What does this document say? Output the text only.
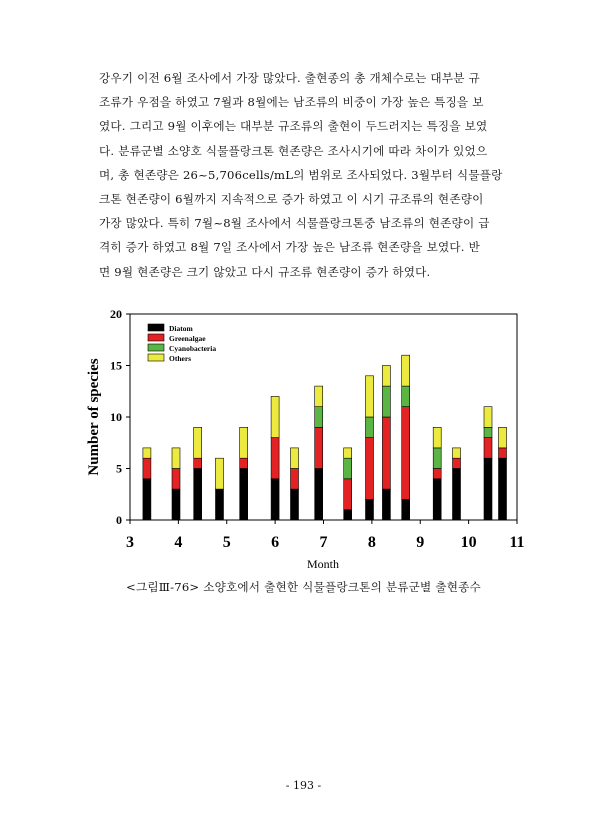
강우기 이전 6월 조사에서 가장 많았다. 출현종의 총 개체수로는 대부분 규
조류가 우점을 하였고 7월과 8월에는 남조류의 비중이 가장 높은 특징을 보
였다. 그리고 9월 이후에는 대부분 규조류의 출현이 두드러지는 특징을 보였
다. 분류군별 소양호 식물플랑크톤 현존량은 조사시기에 따라 차이가 있었으
며, 총 현존량은 26~5,706cells/mL의 범위로 조사되었다. 3월부터 식물플랑
크톤 현존량이 6월까지 지속적으로 증가 하였고 이 시기 규조류의 현존량이
가장 많았다. 특히 7월~8월 조사에서 식물플랑크톤중 남조류의 현존량이 급
격히 증가 하였고 8월 7일 조사에서 가장 높은 남조류 현존량을 보였다. 반
면 9월 현존량은 크기 않았고 다시 규조류 현존량이 증가 하였다.
0
5
10
15
20
3	4	5	6	7	8	9 10 11
Diatom
Greenalgae
Cyanobacteria
Others
Number of species
Month
<그림Ⅲ-76> 소양호에서 출현한 식물플랑크톤의 분류군별 출현종수
- 193 -
